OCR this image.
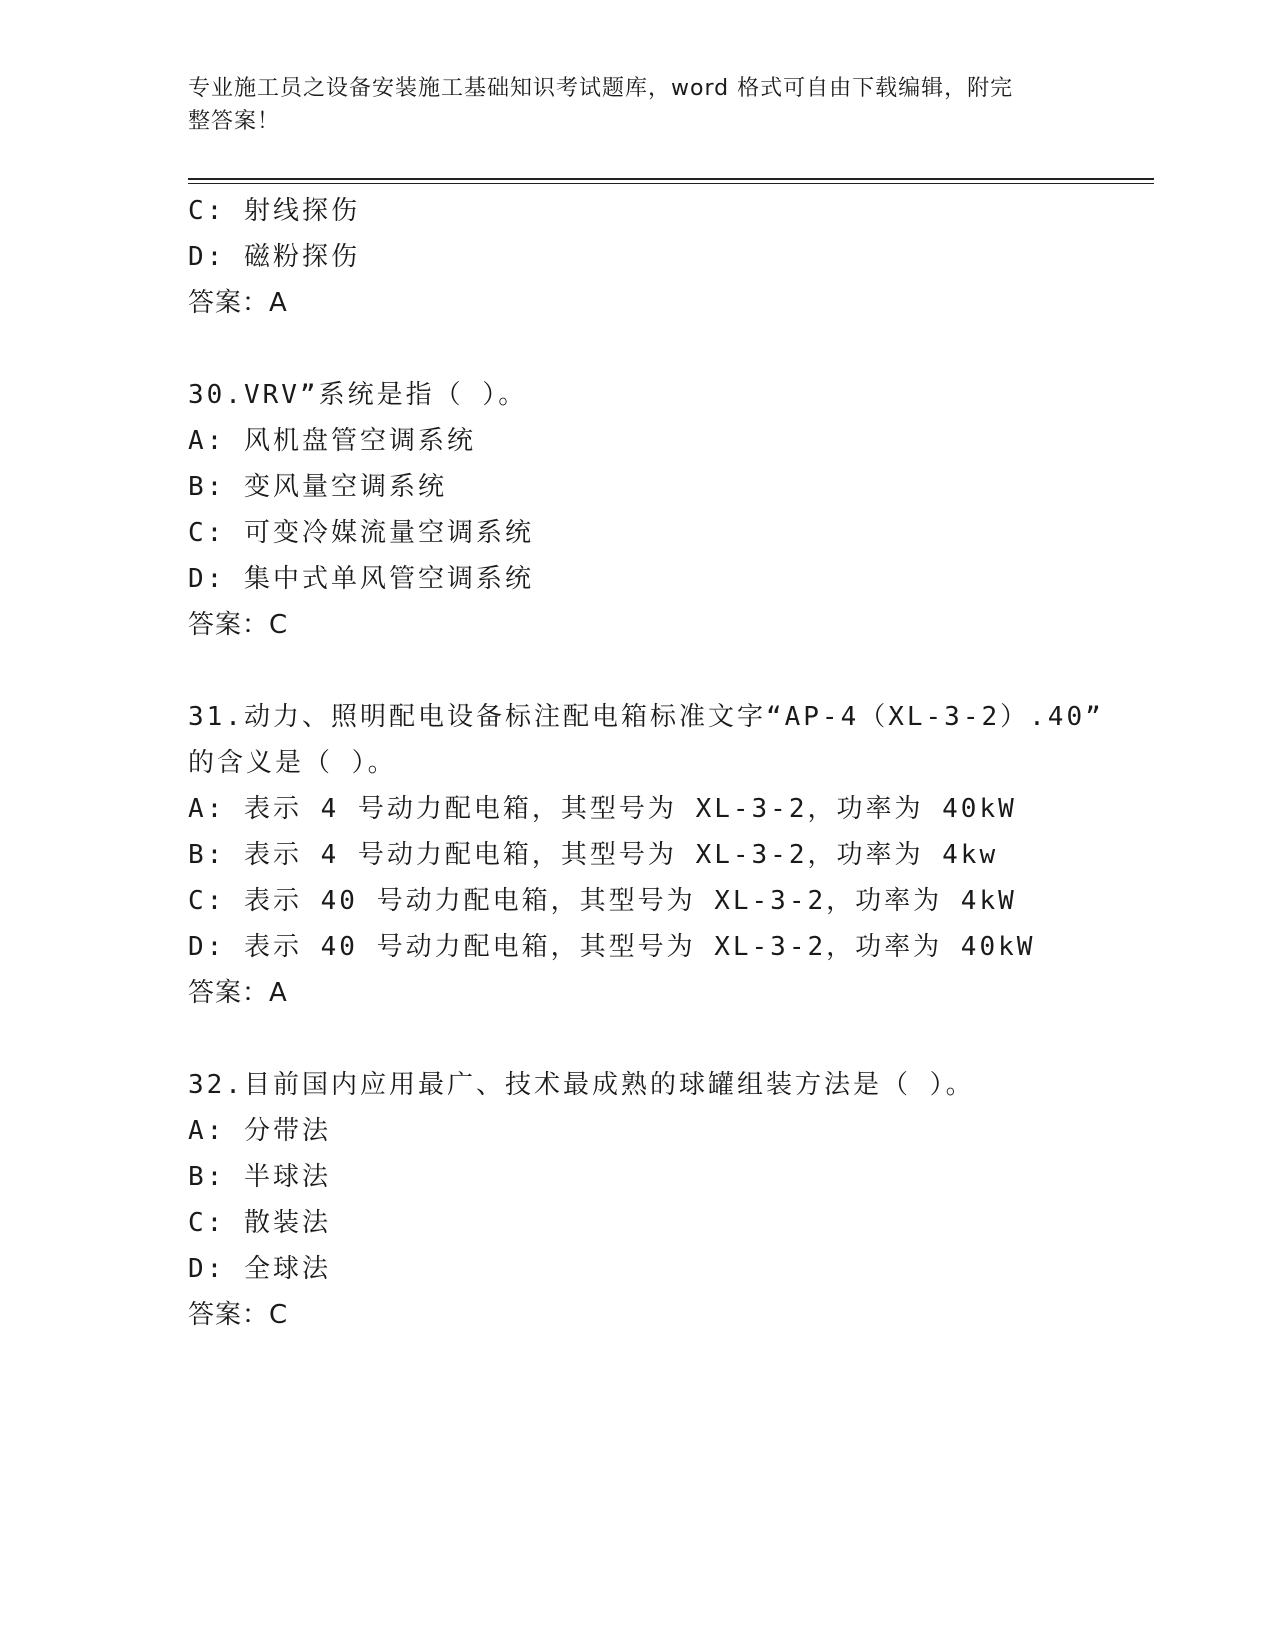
专业施工员之设备安装施工基础知识考试题库，word 格式可自由下载编辑，附完
整答案！
C: 射线探伤
D: 磁粉探伤
答案：A
30.VRV”系统是指（ ）。
A: 风机盘管空调系统
B: 变风量空调系统
C: 可变冷媒流量空调系统
D: 集中式单风管空调系统
答案：C
31.动力、照明配电设备标注配电箱标准文字“AP-4（XL-3-2）.40”
的含义是（ ）。
A: 表示 4 号动力配电箱，其型号为 XL-3-2，功率为 40kW
B: 表示 4 号动力配电箱，其型号为 XL-3-2，功率为 4kw
C: 表示 40 号动力配电箱，其型号为 XL-3-2，功率为 4kW
D: 表示 40 号动力配电箱，其型号为 XL-3-2，功率为 40kW
答案：A
32.目前国内应用最广、技术最成熟的球罐组装方法是（ ）。
A: 分带法
B: 半球法
C: 散装法
D: 全球法
答案：C
